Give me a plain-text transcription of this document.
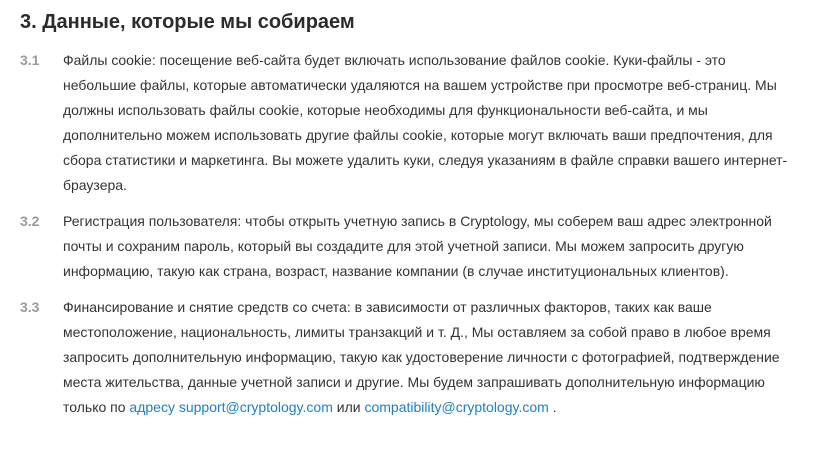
3. Данные, которые мы собираем
3.1	Файлы cookie: посещение веб-сайта будет включать использование файлов cookie. Куки-файлы - это небольшие файлы, которые автоматически удаляются на вашем устройстве при просмотре веб-страниц. Мы должны использовать файлы cookie, которые необходимы для функциональности веб-сайта, и мы дополнительно можем использовать другие файлы cookie, которые могут включать ваши предпочтения, для сбора статистики и маркетинга. Вы можете удалить куки, следуя указаниям в файле справки вашего интернет-браузера.
3.2	Регистрация пользователя: чтобы открыть учетную запись в Cryptology, мы соберем ваш адрес электронной почты и сохраним пароль, который вы создадите для этой учетной записи. Мы можем запросить другую информацию, такую как страна, возраст, название компании (в случае институциональных клиентов).
3.3	Финансирование и снятие средств со счета: в зависимости от различных факторов, таких как ваше местоположение, национальность, лимиты транзакций и т. Д., Мы оставляем за собой право в любое время запросить дополнительную информацию, такую как удостоверение личности с фотографией, подтверждение места жительства, данные учетной записи и другие. Мы будем запрашивать дополнительную информацию только по адресу support@cryptology.com или compatibility@cryptology.com .
